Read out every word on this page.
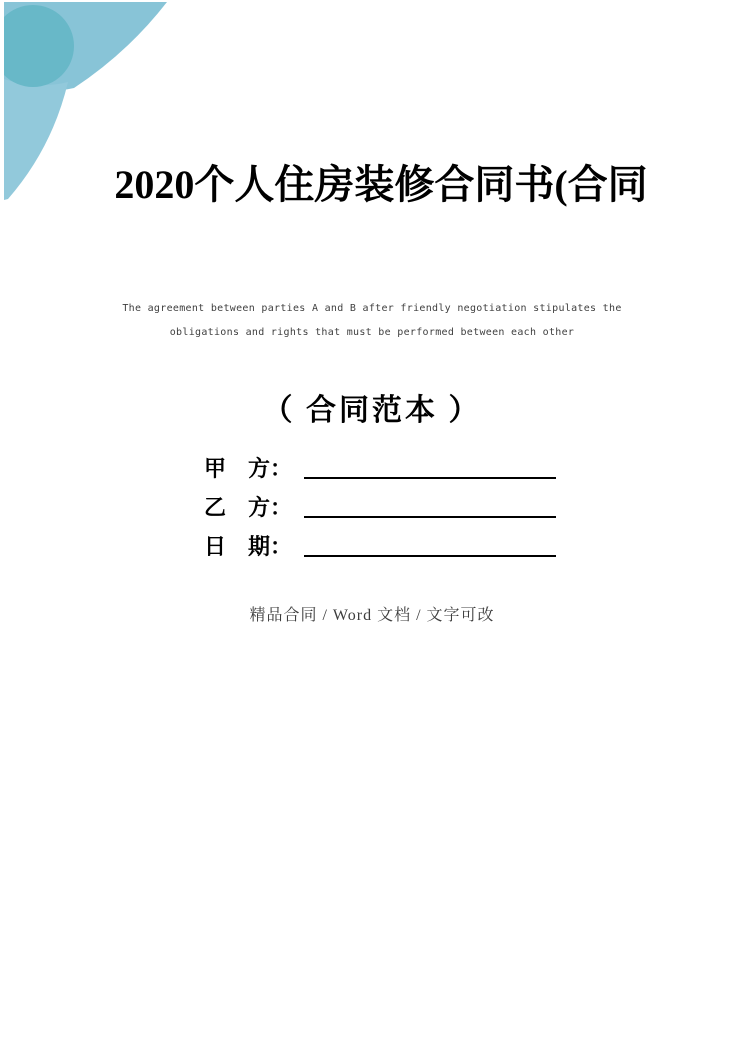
2020个人住房装修合同书(合同
The agreement between parties A and B after friendly negotiation stipulates the
obligations and rights that must be performed between each other
（ 合同范本 ）
甲　方：
乙　方：
日　期：
精品合同 / Word 文档 / 文字可改
